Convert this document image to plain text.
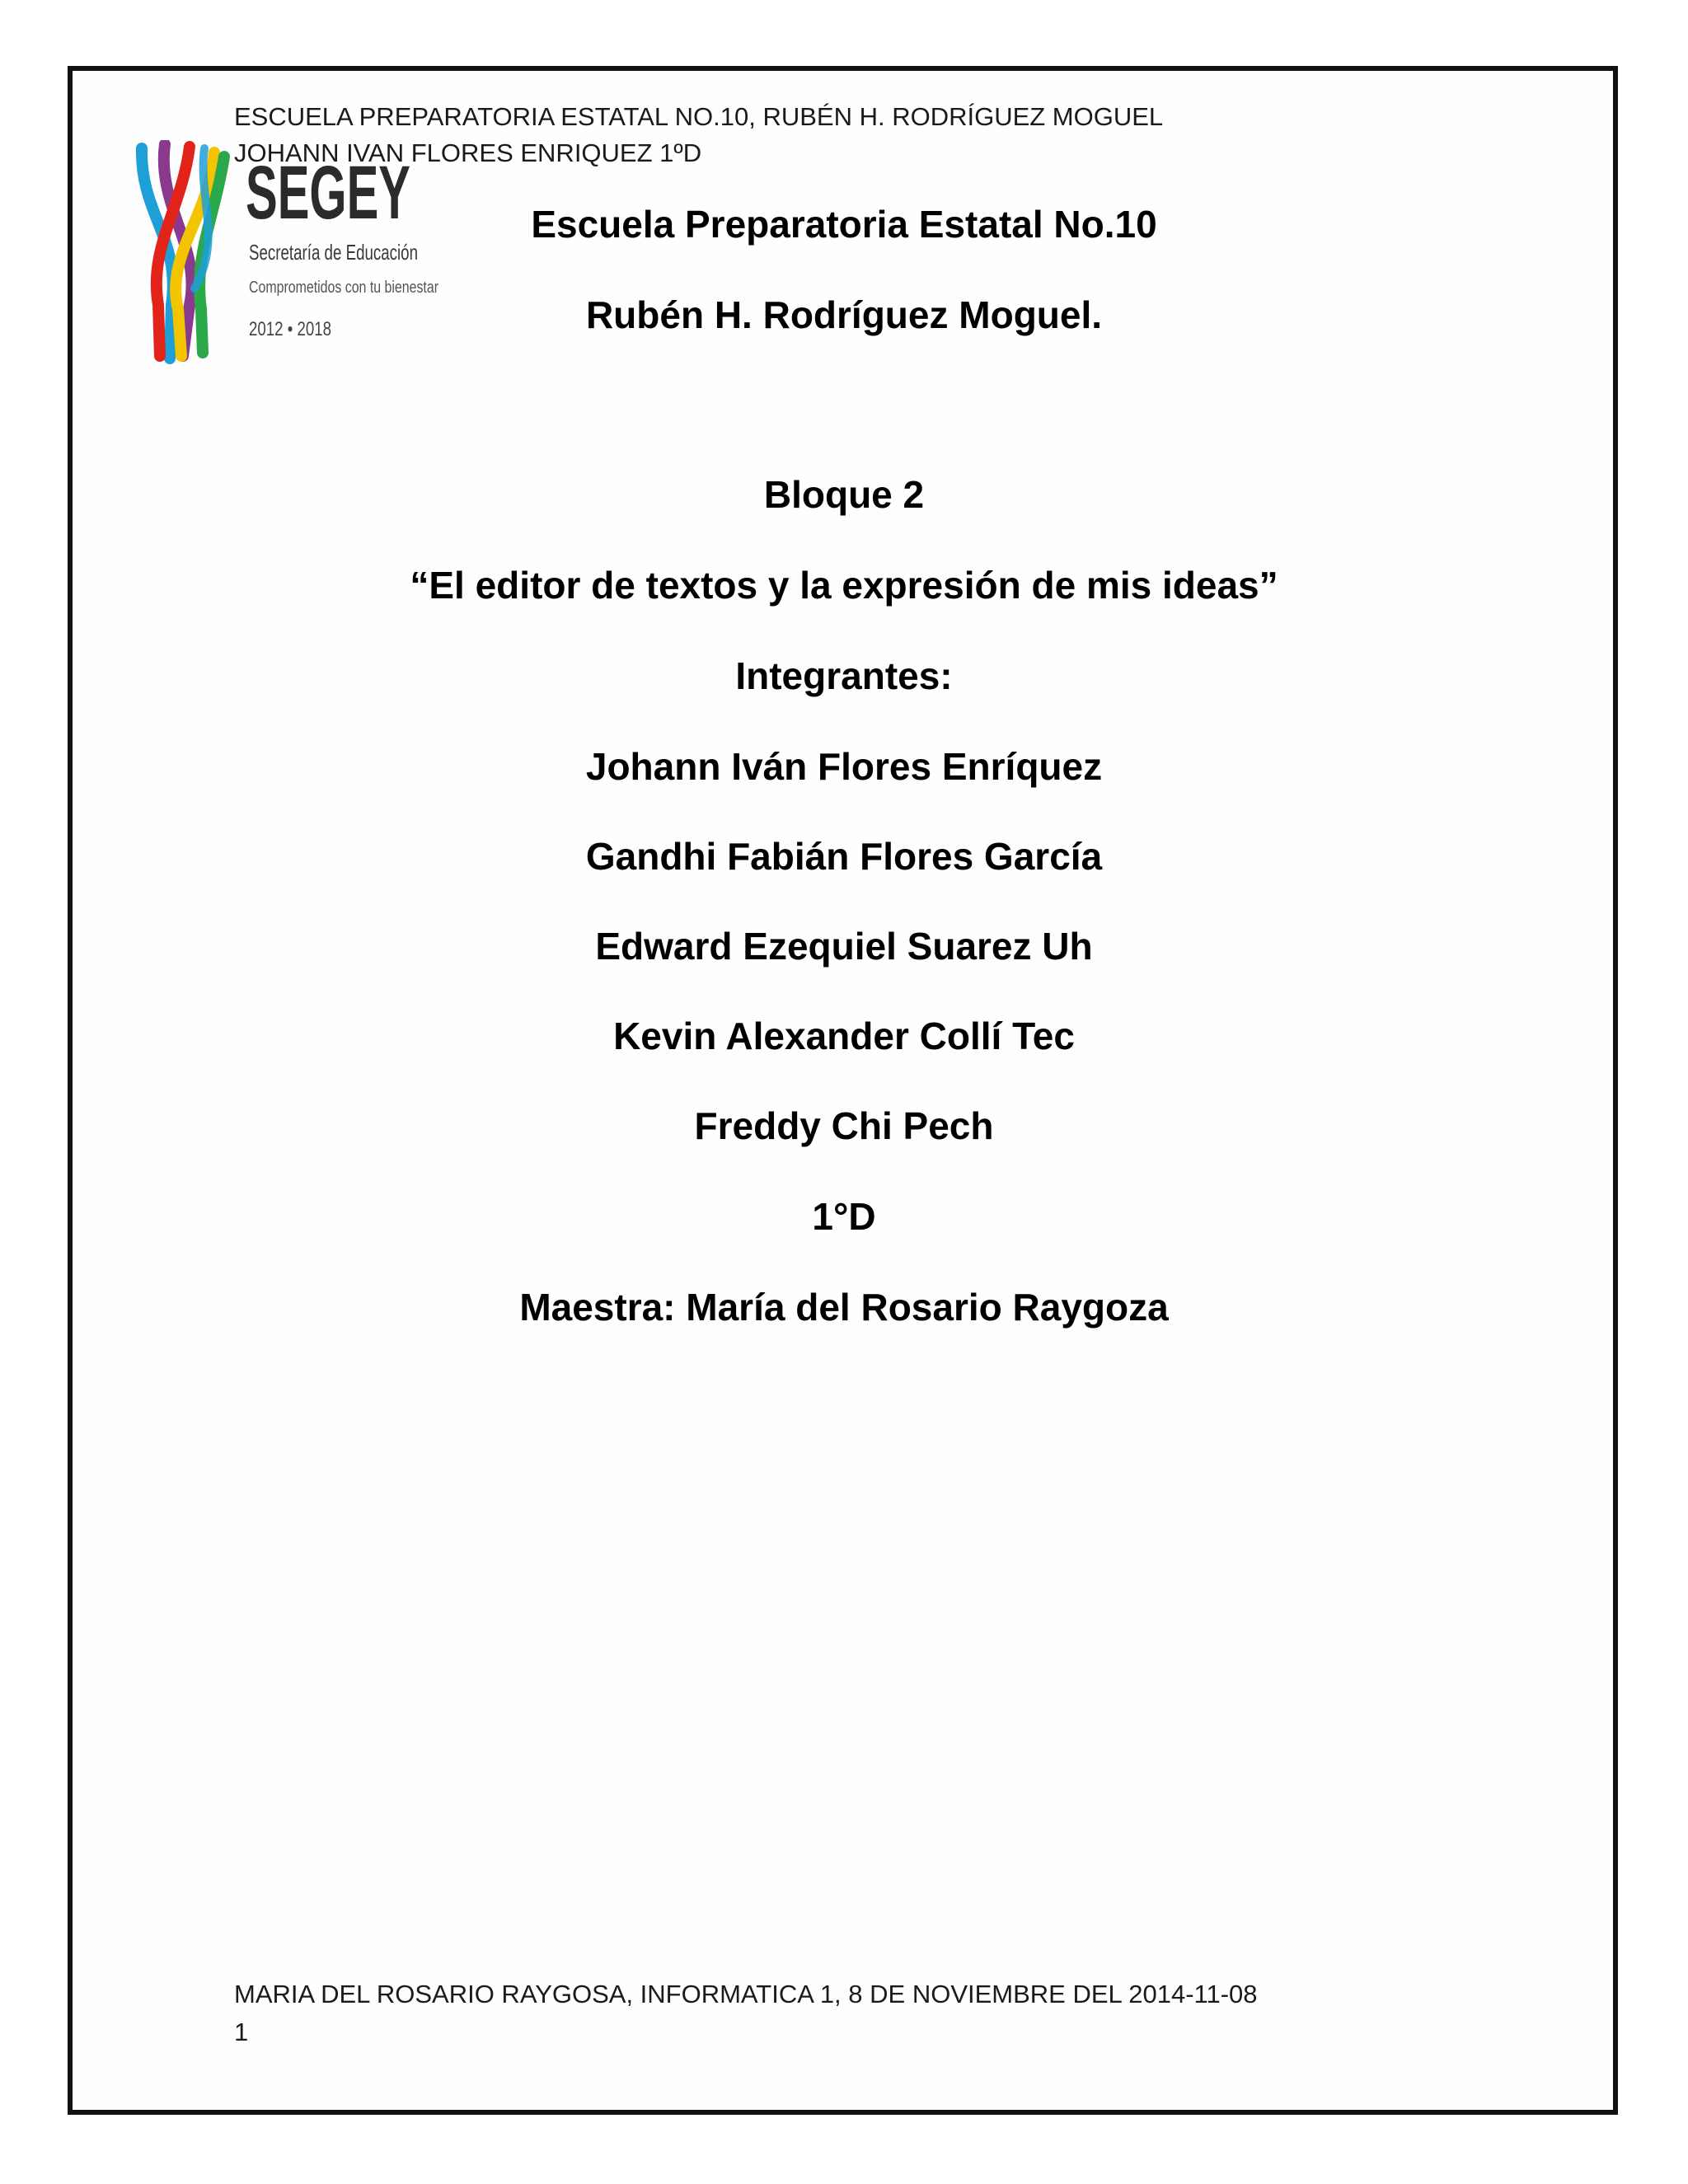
ESCUELA PREPARATORIA ESTATAL NO.10, RUBÉN H. RODRÍGUEZ MOGUEL
JOHANN IVAN FLORES ENRIQUEZ 1ºD
SEGEY
Secretaría de Educación
Comprometidos con tu bienestar
2012 • 2018
Escuela Preparatoria Estatal No.10
Rubén H. Rodríguez Moguel.
Bloque 2
“El editor de textos y la expresión de mis ideas”
Integrantes:
Johann Iván Flores Enríquez
Gandhi Fabián Flores García
Edward Ezequiel Suarez Uh
Kevin Alexander Collí Tec
Freddy Chi Pech
1°D
Maestra: María del Rosario Raygoza
MARIA DEL ROSARIO RAYGOSA, INFORMATICA 1, 8 DE NOVIEMBRE DEL 2014-11-08
1
